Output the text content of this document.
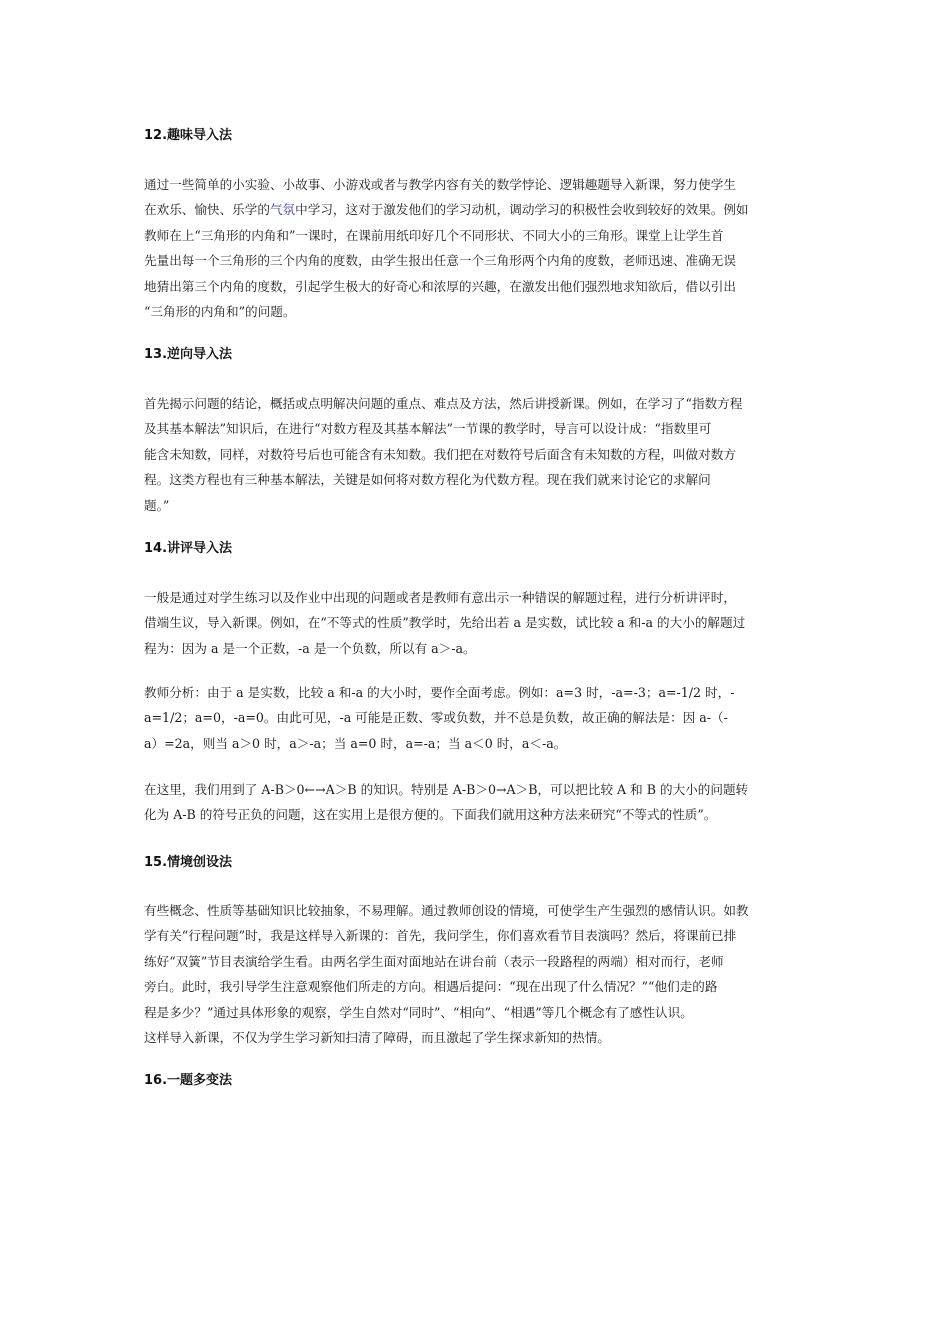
12.趣味导入法
通过一些简单的小实验、小故事、小游戏或者与教学内容有关的数学悖论、逻辑趣题导入新课，努力使学生
在欢乐、愉快、乐学的气氛中学习，这对于激发他们的学习动机，调动学习的积极性会收到较好的效果。例如
教师在上“三角形的内角和”一课时，在课前用纸印好几个不同形状、不同大小的三角形。课堂上让学生首
先量出每一个三角形的三个内角的度数，由学生报出任意一个三角形两个内角的度数，老师迅速、准确无误
地猜出第三个内角的度数，引起学生极大的好奇心和浓厚的兴趣，在激发出他们强烈地求知欲后，借以引出
“三角形的内角和”的问题。
13.逆向导入法
首先揭示问题的结论，概括或点明解决问题的重点、难点及方法，然后讲授新课。例如，在学习了“指数方程
及其基本解法”知识后，在进行“对数方程及其基本解法”一节课的教学时，导言可以设计成：“指数里可
能含未知数，同样，对数符号后也可能含有未知数。我们把在对数符号后面含有未知数的方程，叫做对数方
程。这类方程也有三种基本解法，关键是如何将对数方程化为代数方程。现在我们就来讨论它的求解问
题。”
14.讲评导入法
一般是通过对学生练习以及作业中出现的问题或者是教师有意出示一种错误的解题过程，进行分析讲评时，
借端生议，导入新课。例如，在“不等式的性质”教学时，先给出若 a 是实数，试比较 a 和-a 的大小的解题过
程为：因为 a 是一个正数，-a 是一个负数，所以有 a＞-a。
教师分析：由于 a 是实数，比较 a 和-a 的大小时，要作全面考虑。例如：a=3 时，-a=-3；a=-1/2 时，-
a=1/2；a=0，-a=0。由此可见，-a 可能是正数、零或负数，并不总是负数，故正确的解法是：因 a-（-
a）=2a，则当 a＞0 时，a＞-a；当 a=0 时，a=-a；当 a＜0 时，a＜-a。
在这里，我们用到了 A-B＞0←→A＞B 的知识。特别是 A-B＞0→A＞B，可以把比较 A 和 B 的大小的问题转
化为 A-B 的符号正负的问题，这在实用上是很方便的。下面我们就用这种方法来研究“不等式的性质”。
15.情境创设法
有些概念、性质等基础知识比较抽象，不易理解。通过教师创设的情境，可使学生产生强烈的感情认识。如教
学有关“行程问题”时，我是这样导入新课的：首先，我问学生，你们喜欢看节目表演吗？然后，将课前已排
练好“双簧”节目表演给学生看。由两名学生面对面地站在讲台前（表示一段路程的两端）相对而行，老师
旁白。此时，我引导学生注意观察他们所走的方向。相遇后提问：“现在出现了什么情况？”“他们走的路
程是多少？”通过具体形象的观察，学生自然对“同时”、“相向”、“相遇”等几个概念有了感性认识。
这样导入新课，不仅为学生学习新知扫清了障碍，而且激起了学生探求新知的热情。
16.一题多变法
